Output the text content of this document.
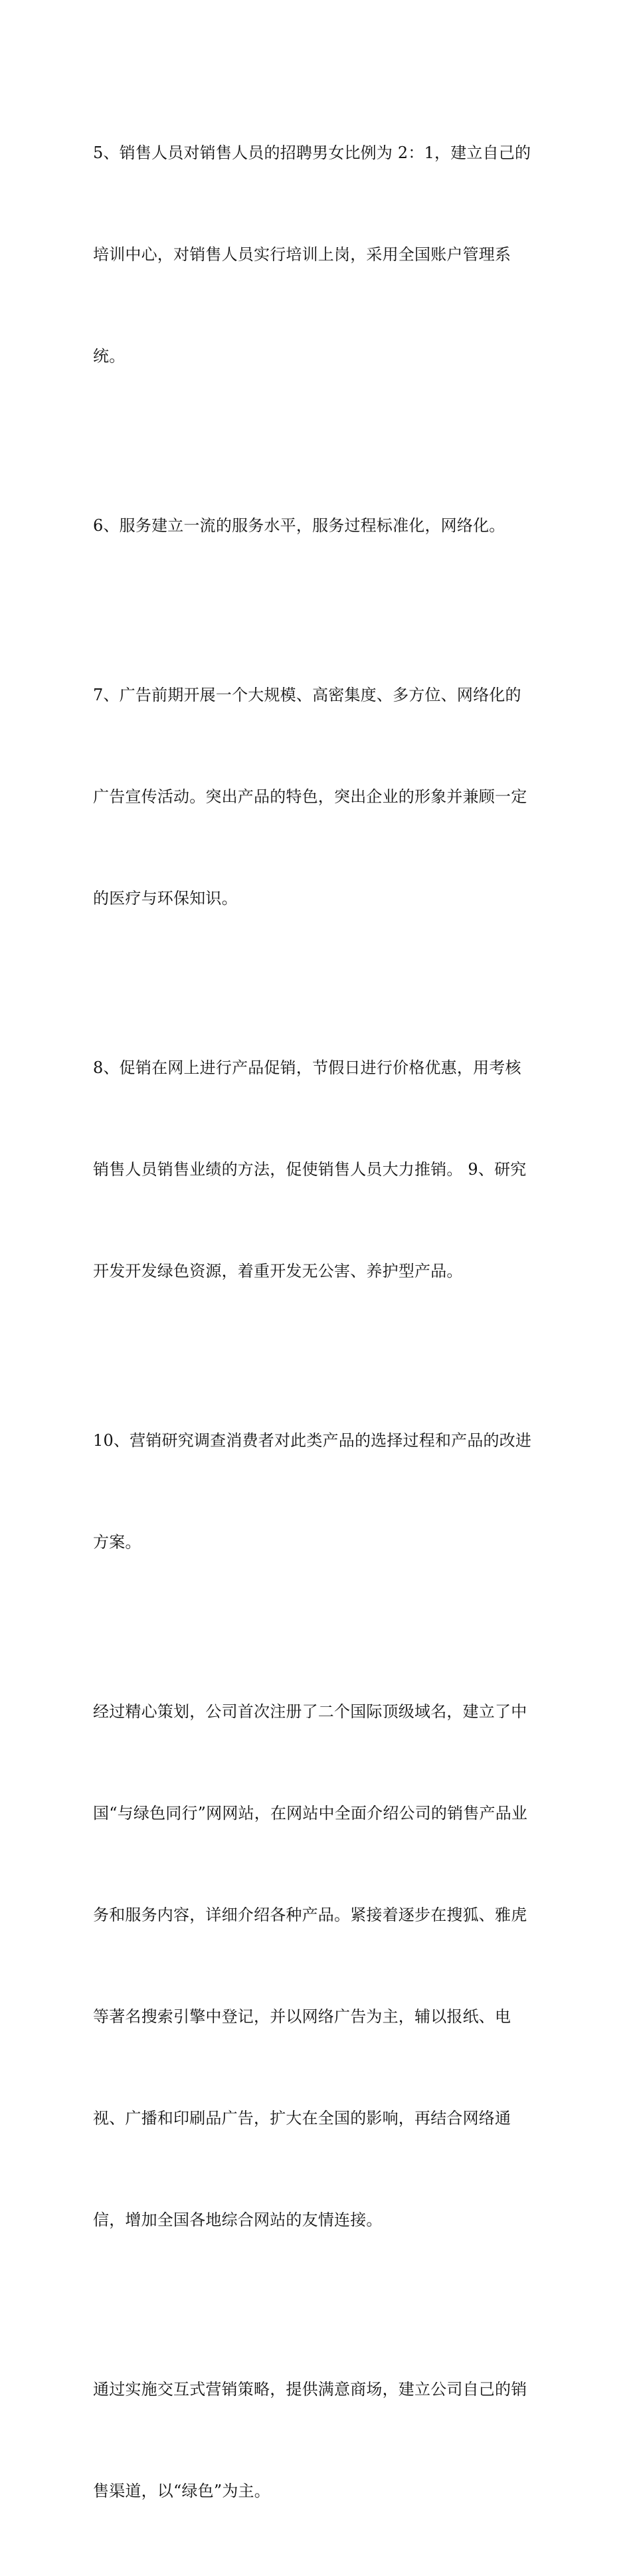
5、销售人员对销售人员的招聘男女比例为 2：1，建立自己的

培训中心，对销售人员实行培训上岗，采用全国账户管理系

统。

6、服务建立一流的服务水平，服务过程标准化，网络化。

7、广告前期开展一个大规模、高密集度、多方位、网络化的

广告宣传活动。突出产品的特色，突出企业的形象并兼顾一定

的医疗与环保知识。

8、促销在网上进行产品促销，节假日进行价格优惠，用考核

销售人员销售业绩的方法，促使销售人员大力推销。 9、研究

开发开发绿色资源，着重开发无公害、养护型产品。

10、营销研究调查消费者对此类产品的选择过程和产品的改进

方案。

经过精心策划，公司首次注册了二个国际顶级域名，建立了中

国“与绿色同行”网网站，在网站中全面介绍公司的销售产品业

务和服务内容，详细介绍各种产品。紧接着逐步在搜狐、雅虎

等著名搜索引擎中登记，并以网络广告为主，辅以报纸、电

视、广播和印刷品广告，扩大在全国的影响，再结合网络通

信，增加全国各地综合网站的友情连接。

通过实施交互式营销策略，提供满意商场，建立公司自己的销

售渠道，以“绿色”为主。
